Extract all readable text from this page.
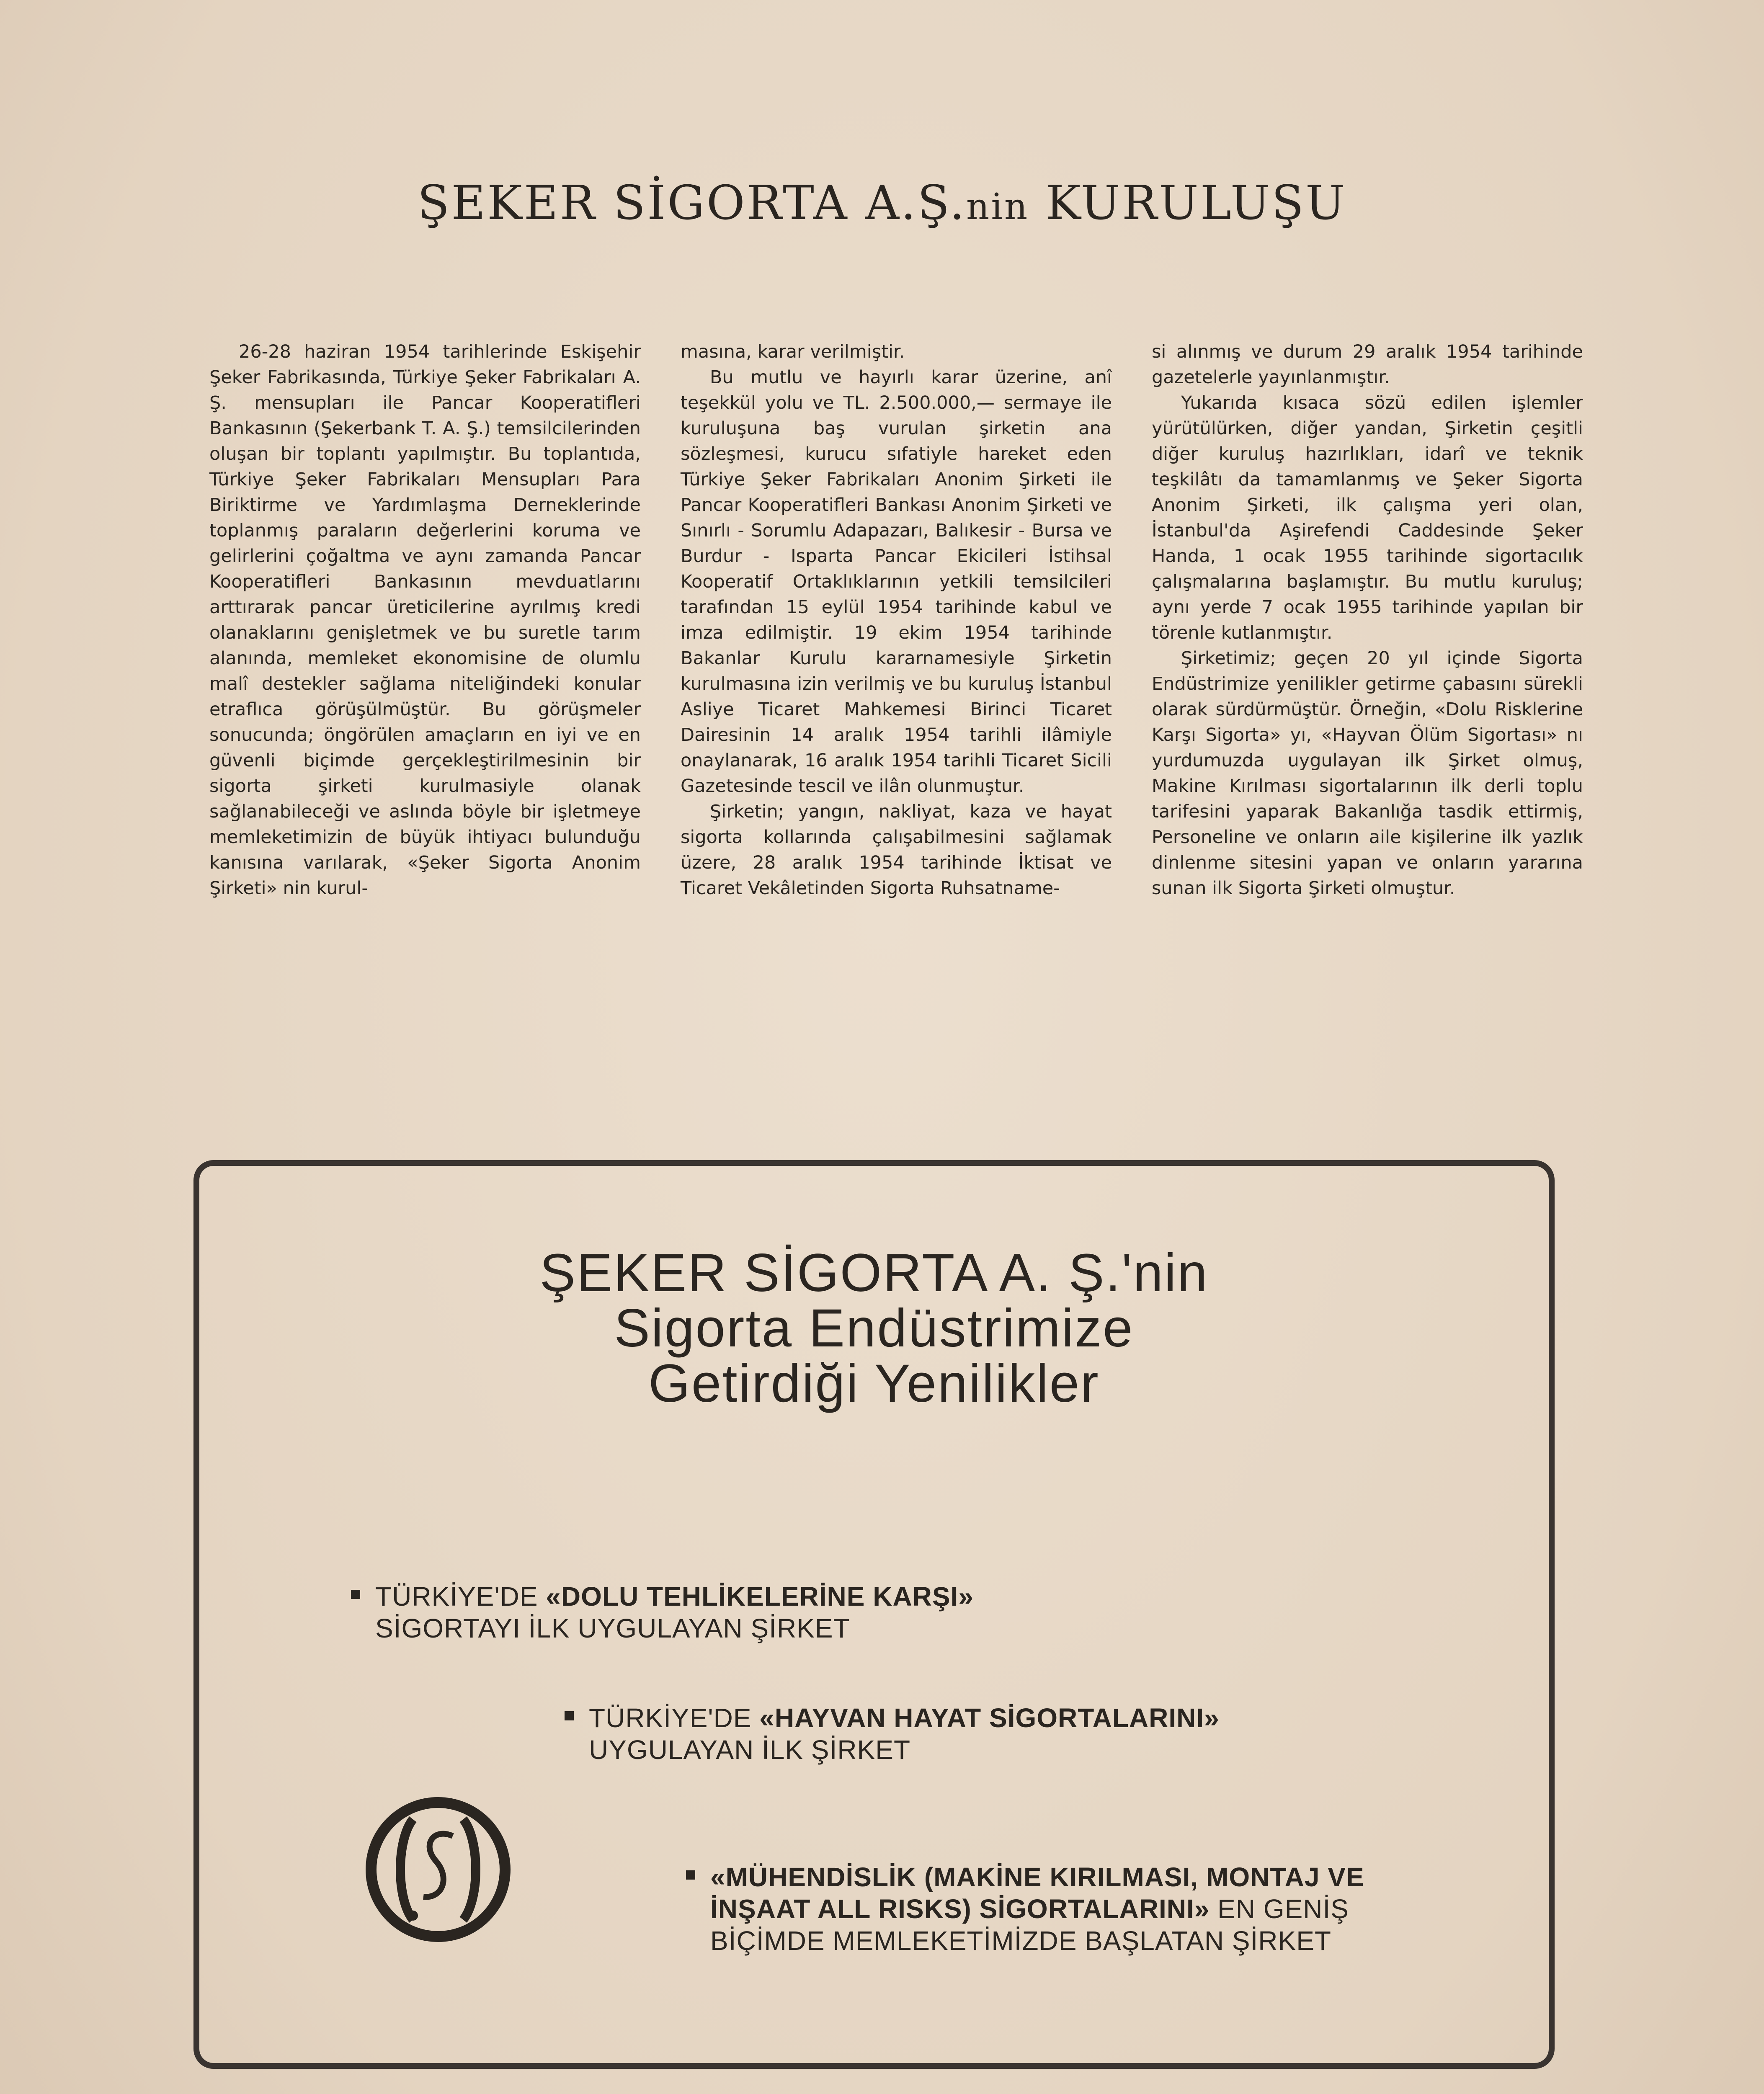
ŞEKER SİGORTA A.Ş.nin KURULUŞU

26-28 haziran 1954 tarihlerinde Eskişehir Şeker Fabrikasında, Türkiye Şeker Fabrikaları A. Ş. mensupları ile Pancar Kooperatifleri Bankasının (Şekerbank T. A. Ş.) temsilcilerinden oluşan bir toplantı yapılmıştır. Bu toplantıda, Türkiye Şeker Fabrikaları Mensupları Para Biriktirme ve Yardımlaşma Derneklerinde toplanmış paraların değerlerini koruma ve gelirlerini çoğaltma ve aynı zamanda Pancar Kooperatifleri Bankasının mevduatlarını arttırarak pancar üreticilerine ayrılmış kredi olanaklarını genişletmek ve bu suretle tarım alanında, memleket ekonomisine de olumlu malî destekler sağlama niteliğindeki konular etraflıca görüşülmüştür. Bu görüşmeler sonucunda; öngörülen amaçların en iyi ve en güvenli biçimde gerçekleştirilmesinin bir sigorta şirketi kurulmasiyle olanak sağlanabileceği ve aslında böyle bir işletmeye memleketimizin de büyük ihtiyacı bulunduğu kanısına varılarak, «Şeker Sigorta Anonim Şirketi» nin kurul-

masına, karar verilmiştir.

Bu mutlu ve hayırlı karar üzerine, anî teşekkül yolu ve TL. 2.500.000,— sermaye ile kuruluşuna baş vurulan şirketin ana sözleşmesi, kurucu sıfatiyle hareket eden Türkiye Şeker Fabrikaları Anonim Şirketi ile Pancar Kooperatifleri Bankası Anonim Şirketi ve Sınırlı - Sorumlu Adapazarı, Balıkesir - Bursa ve Burdur - Isparta Pancar Ekicileri İstihsal Kooperatif Ortaklıklarının yetkili temsilcileri tarafından 15 eylül 1954 tarihinde kabul ve imza edilmiştir. 19 ekim 1954 tarihinde Bakanlar Kurulu kararnamesiyle Şirketin kurulmasına izin verilmiş ve bu kuruluş İstanbul Asliye Ticaret Mahkemesi Birinci Ticaret Dairesinin 14 aralık 1954 tarihli ilâmiyle onaylanarak, 16 aralık 1954 tarihli Ticaret Sicili Gazetesinde tescil ve ilân olunmuştur.

Şirketin; yangın, nakliyat, kaza ve hayat sigorta kollarında çalışabilmesini sağlamak üzere, 28 aralık 1954 tarihinde İktisat ve Ticaret Vekâletinden Sigorta Ruhsatname-

si alınmış ve durum 29 aralık 1954 tarihinde gazetelerle yayınlanmıştır.

Yukarıda kısaca sözü edilen işlemler yürütülürken, diğer yandan, Şirketin çeşitli diğer kuruluş hazırlıkları, idarî ve teknik teşkilâtı da tamamlanmış ve Şeker Sigorta Anonim Şirketi, ilk çalışma yeri olan, İstanbul'da Aşirefendi Caddesinde Şeker Handa, 1 ocak 1955 tarihinde sigortacılık çalışmalarına başlamıştır. Bu mutlu kuruluş; aynı yerde 7 ocak 1955 tarihinde yapılan bir törenle kutlanmıştır.

Şirketimiz; geçen 20 yıl içinde Sigorta Endüstrimize yenilikler getirme çabasını sürekli olarak sürdürmüştür. Örneğin, «Dolu Risklerine Karşı Sigorta» yı, «Hayvan Ölüm Sigortası» nı yurdumuzda uygulayan ilk Şirket olmuş, Makine Kırılması sigortalarının ilk derli toplu tarifesini yaparak Bakanlığa tasdik ettirmiş, Personeline ve onların aile kişilerine ilk yazlık dinlenme sitesini yapan ve onların yararına sunan ilk Sigorta Şirketi olmuştur.

ŞEKER SİGORTA A. Ş.'nin
Sigorta Endüstrimize
Getirdiği Yenilikler
TÜRKİYE'DE «DOLU TEHLİKELERİNE KARŞI»
SİGORTAYI İLK UYGULAYAN ŞİRKET
TÜRKİYE'DE «HAYVAN HAYAT SİGORTALARINI»
UYGULAYAN İLK ŞİRKET
«MÜHENDİSLİK (MAKİNE KIRILMASI, MONTAJ VE
İNŞAAT ALL RISKS) SİGORTALARINI» EN GENİŞ
BİÇİMDE MEMLEKETİMİZDE BAŞLATAN ŞİRKET
